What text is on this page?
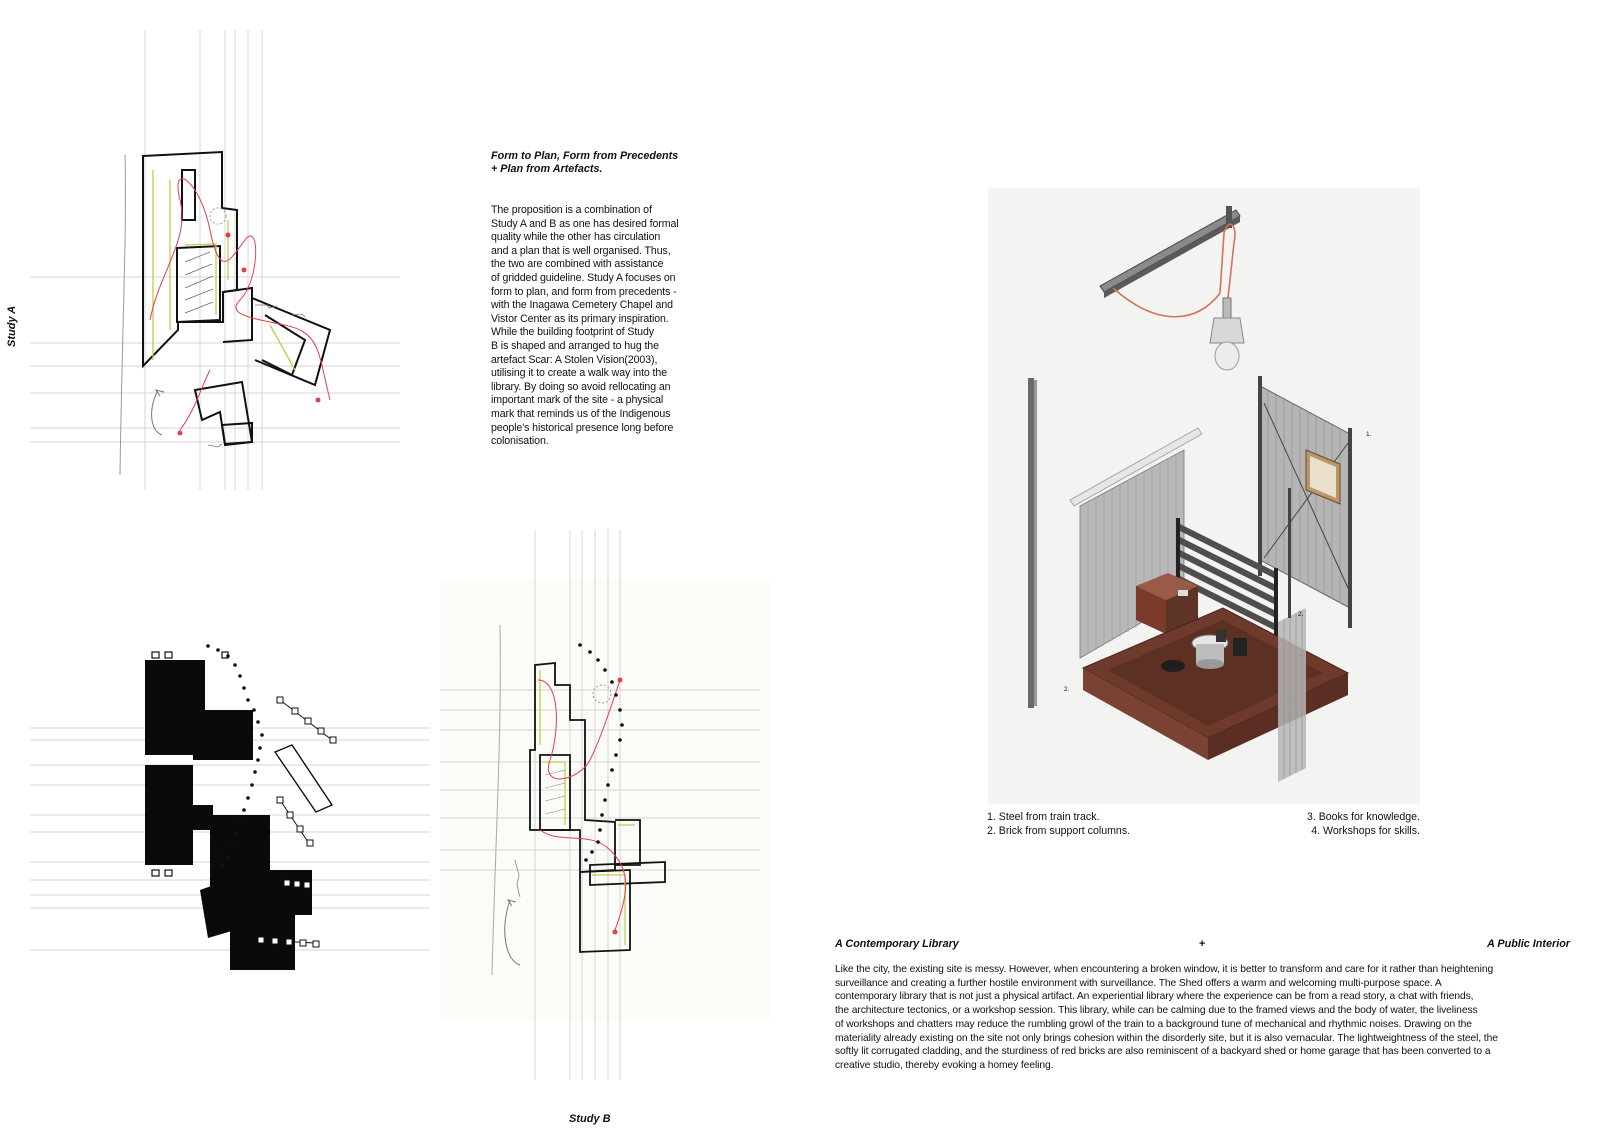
Study A
Form to Plan, Form from Precedents
+ Plan from Artefacts.
The proposition is a combination of
Study A and B as one has desired formal
quality while the other has circulation
and a plan that is well organised. Thus,
the two are combined with assistance
of gridded guideline. Study A focuses on
form to plan, and form from precedents -
with the Inagawa Cemetery Chapel and
Vistor Center as its primary inspiration.
While the building footprint of Study
B is shaped and arranged to hug the
artefact Scar: A Stolen Vision(2003),
utilising it to create a walk way into the
library. By doing so avoid rellocating an
important mark of the site - a physical
mark that reminds us of the Indigenous
people's historical presence long before
colonisation.
Study B
1.
2.
2.
1. Steel from train track.
2. Brick from support columns.
3. Books for knowledge.
4. Workshops for skills.
A Contemporary Library	+	A Public Interior
Like the city, the existing site is messy. However, when encountering a broken window, it is better to transform and care for it rather than heightening
surveillance and creating a further hostile environment with surveillance. The Shed offers a warm and welcoming multi-purpose space. A
contemporary library that is not just a physical artifact. An experiential library where the experience can be from a read story, a chat with friends,
the architecture tectonics, or a workshop session. This library, while can be calming due to the framed views and the body of water, the liveliness
of workshops and chatters may reduce the rumbling growl of the train to a background tune of mechanical and rhythmic noises. Drawing on the
materiality already existing on the site not only brings cohesion within the disorderly site, but it is also vernacular. The lightweightness of the steel, the
softly lit corrugated cladding, and the sturdiness of red bricks are also reminiscent of a backyard shed or home garage that has been converted to a
creative studio, thereby evoking a homey feeling.
